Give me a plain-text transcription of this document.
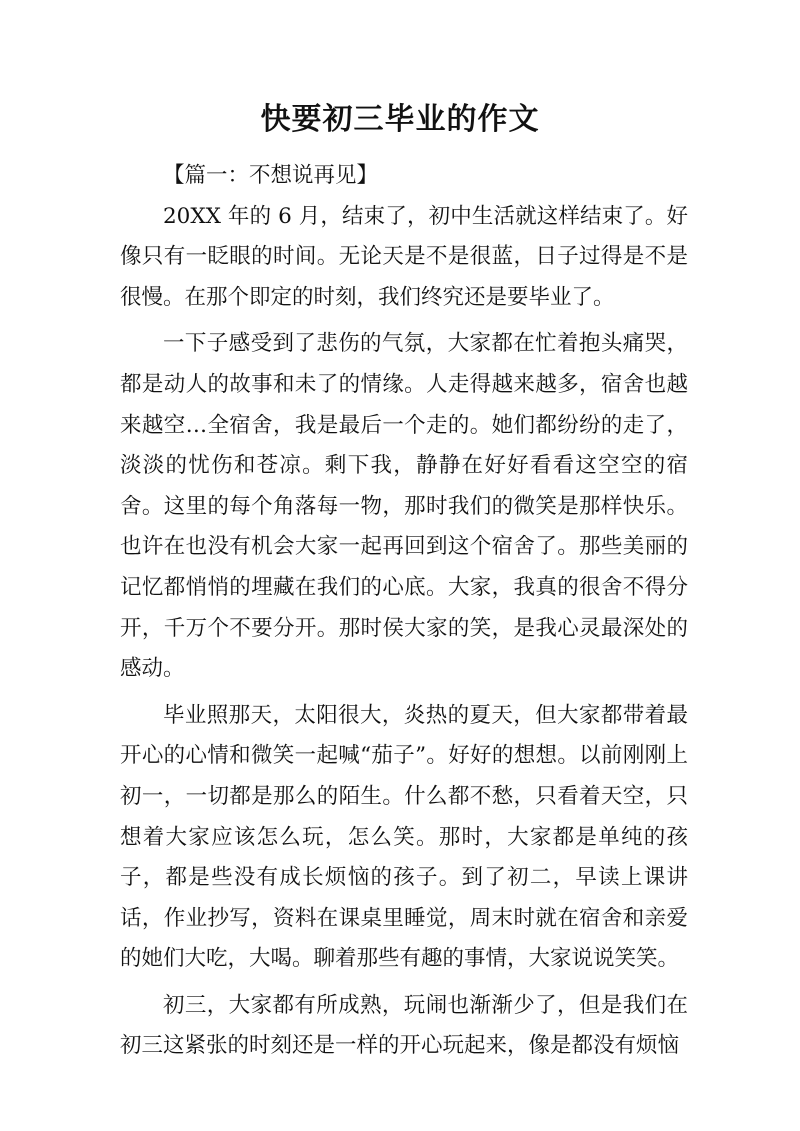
快要初三毕业的作文

【篇一：不想说再见】

20XX 年的 6 月，结束了，初中生活就这样结束了。好像只有一眨眼的时间。无论天是不是很蓝，日子过得是不是很慢。在那个即定的时刻，我们终究还是要毕业了。

一下子感受到了悲伤的气氛，大家都在忙着抱头痛哭，都是动人的故事和未了的情缘。人走得越来越多，宿舍也越来越空…全宿舍，我是最后一个走的。她们都纷纷的走了，淡淡的忧伤和苍凉。剩下我，静静在好好看看这空空的宿舍。这里的每个角落每一物，那时我们的微笑是那样快乐。也许在也没有机会大家一起再回到这个宿舍了。那些美丽的记忆都悄悄的埋藏在我们的心底。大家，我真的很舍不得分开，千万个不要分开。那时侯大家的笑，是我心灵最深处的感动。

毕业照那天，太阳很大，炎热的夏天，但大家都带着最开心的心情和微笑一起喊“茄子”。好好的想想。以前刚刚上初一，一切都是那么的陌生。什么都不愁，只看着天空，只想着大家应该怎么玩，怎么笑。那时，大家都是单纯的孩子，都是些没有成长烦恼的孩子。到了初二，早读上课讲话，作业抄写，资料在课桌里睡觉，周末时就在宿舍和亲爱的她们大吃，大喝。聊着那些有趣的事情，大家说说笑笑。

初三，大家都有所成熟，玩闹也渐渐少了，但是我们在初三这紧张的时刻还是一样的开心玩起来，像是都没有烦恼
